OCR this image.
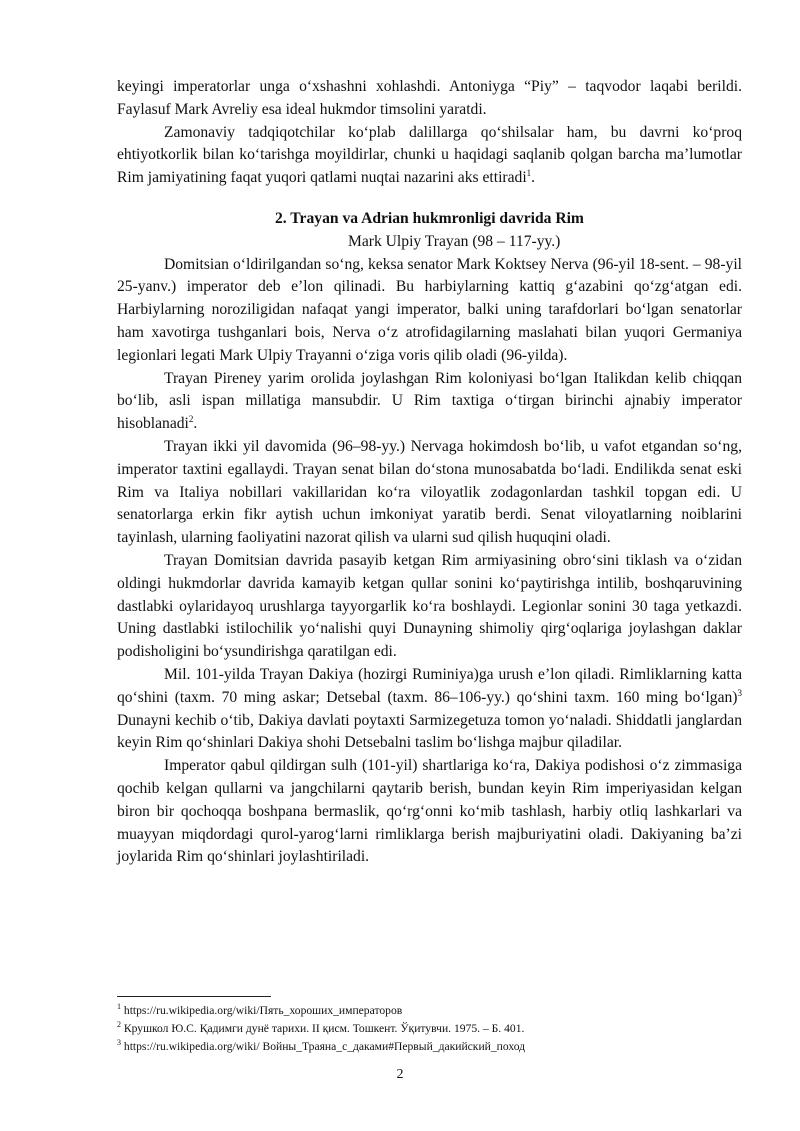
keyingi imperatorlar unga oʻxshashni xohlashdi. Antoniyga “Piy” – taqvodor laqabi berildi. Faylasuf Mark Avreliy esa ideal hukmdor timsolini yaratdi.

Zamonaviy tadqiqotchilar koʻplab dalillarga qoʻshilsalar ham, bu davrni koʻproq ehtiyotkorlik bilan koʻtarishga moyildirlar, chunki u haqidagi saqlanib qolgan barcha maʼlumotlar Rim jamiyatining faqat yuqori qatlami nuqtai nazarini aks ettiradi$^1$.

2. Trayan va Adrian hukmronligi davrida Rim
Mark Ulpiy Trayan (98 – 117-yy.)

Domitsian oʻldirilgandan soʻng, keksa senator Mark Koktsey Nerva (96-yil 18-sent. – 98-yil 25-yanv.) imperator deb eʼlon qilinadi. Bu harbiylarning kattiq gʻazabini qoʻzgʻatgan edi. Harbiylarning noroziligidan nafaqat yangi imperator, balki uning tarafdorlari boʻlgan senatorlar ham xavotirga tushganlari bois, Nerva oʻz atrofidagilarning maslahati bilan yuqori Germaniya legionlari legati Mark Ulpiy Trayanni oʻziga voris qilib oladi (96-yilda).

Trayan Pireney yarim orolida joylashgan Rim koloniyasi boʻlgan Italikdan kelib chiqqan boʻlib, asli ispan millatiga mansubdir. U Rim taxtiga oʻtirgan birinchi ajnabiy imperator hisoblanadi$^2$.

Trayan ikki yil davomida (96–98-yy.) Nervaga hokimdosh boʻlib, u vafot etgandan soʻng, imperator taxtini egallaydi. Trayan senat bilan doʻstona munosabatda boʻladi. Endilikda senat eski Rim va Italiya nobillari vakillaridan koʻra viloyatlik zodagonlardan tashkil topgan edi. U senatorlarga erkin fikr aytish uchun imkoniyat yaratib berdi. Senat viloyatlarning noiblarini tayinlash, ularning faoliyatini nazorat qilish va ularni sud qilish huquqini oladi.

Trayan Domitsian davrida pasayib ketgan Rim armiyasining obroʻsini tiklash va oʻzidan oldingi hukmdorlar davrida kamayib ketgan qullar sonini koʻpaytirishga intilib, boshqaruvining dastlabki oylaridayoq urushlarga tayyorgarlik koʻra boshlaydi. Legionlar sonini 30 taga yetkazdi. Uning dastlabki istilochilik yoʻnalishi quyi Dunayning shimoliy qirgʻoqlariga joylashgan daklar podisholigini boʻysundirishga qaratilgan edi.

Mil. 101-yilda Trayan Dakiya (hozirgi Ruminiya)ga urush eʼlon qiladi. Rimliklarning katta qoʻshini (taxm. 70 ming askar; Detsebal (taxm. 86–106-yy.) qoʻshini taxm. 160 ming boʻlgan)$^3$ Dunayni kechib oʻtib, Dakiya davlati poytaxti Sarmizegetuza tomon yoʻnaladi. Shiddatli janglardan keyin Rim qoʻshinlari Dakiya shohi Detsebalni taslim boʻlishga majbur qiladilar.

Imperator qabul qildirgan sulh (101-yil) shartlariga koʻra, Dakiya podishosi oʻz zimmasiga qochib kelgan qullarni va jangchilarni qaytarib berish, bundan keyin Rim imperiyasidan kelgan biron bir qochoqqa boshpana bermaslik, qoʻrgʻonni koʻmib tashlash, harbiy otliq lashkarlari va muayyan miqdordagi qurol-yarogʻlarni rimliklarga berish majburiyatini oladi. Dakiyaning baʼzi joylarida Rim qoʻshinlari joylashtiriladi.

$^1$ https://ru.wikipedia.org/wiki/Пять_хороших_императоров
$^2$ Крушкол Ю.С. Қадимги дунё тарихи. II қисм. Тошкент. Ўқитувчи. 1975. – Б. 401.
$^3$ https://ru.wikipedia.org/wiki/ Войны_Траяна_с_даками#Первый_дакийский_поход
2
